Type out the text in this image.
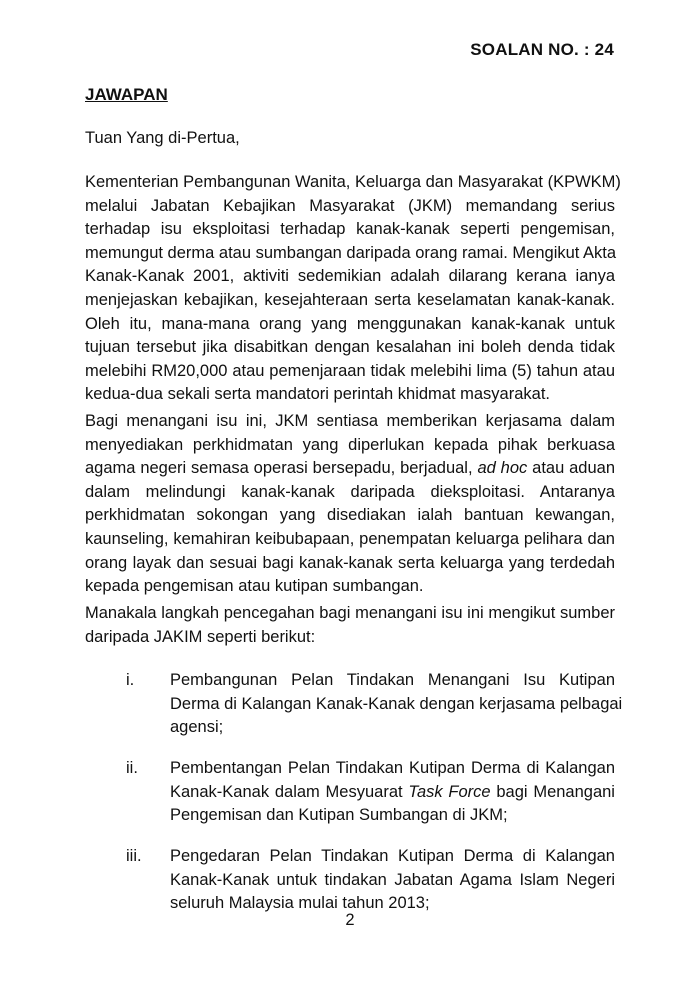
SOALAN NO. : 24
JAWAPAN
Tuan Yang di-Pertua,
Kementerian Pembangunan Wanita, Keluarga dan Masyarakat (KPWKM)
melalui Jabatan Kebajikan Masyarakat (JKM) memandang serius
terhadap isu eksploitasi terhadap kanak-kanak seperti pengemisan,
memungut derma atau sumbangan daripada orang ramai. Mengikut Akta
Kanak-Kanak 2001, aktiviti sedemikian adalah dilarang kerana ianya
menjejaskan kebajikan, kesejahteraan serta keselamatan kanak-kanak.
Oleh itu, mana-mana orang yang menggunakan kanak-kanak untuk
tujuan tersebut jika disabitkan dengan kesalahan ini boleh denda tidak
melebihi RM20,000 atau pemenjaraan tidak melebihi lima (5) tahun atau
kedua-dua sekali serta mandatori perintah khidmat masyarakat.
Bagi menangani isu ini, JKM sentiasa memberikan kerjasama dalam
menyediakan perkhidmatan yang diperlukan kepada pihak berkuasa
agama negeri semasa operasi bersepadu, berjadual, ad hoc atau aduan
dalam melindungi kanak-kanak daripada dieksploitasi. Antaranya
perkhidmatan sokongan yang disediakan ialah bantuan kewangan,
kaunseling, kemahiran keibubapaan, penempatan keluarga pelihara dan
orang layak dan sesuai bagi kanak-kanak serta keluarga yang terdedah
kepada pengemisan atau kutipan sumbangan.
Manakala langkah pencegahan bagi menangani isu ini mengikut sumber
daripada JAKIM seperti berikut:
i.	Pembangunan Pelan Tindakan Menangani Isu Kutipan
Derma di Kalangan Kanak-Kanak dengan kerjasama pelbagai
agensi;
ii.	Pembentangan Pelan Tindakan Kutipan Derma di Kalangan
Kanak-Kanak dalam Mesyuarat Task Force bagi Menangani
Pengemisan dan Kutipan Sumbangan di JKM;
iii.	Pengedaran Pelan Tindakan Kutipan Derma di Kalangan
Kanak-Kanak untuk tindakan Jabatan Agama Islam Negeri
seluruh Malaysia mulai tahun 2013;
2
